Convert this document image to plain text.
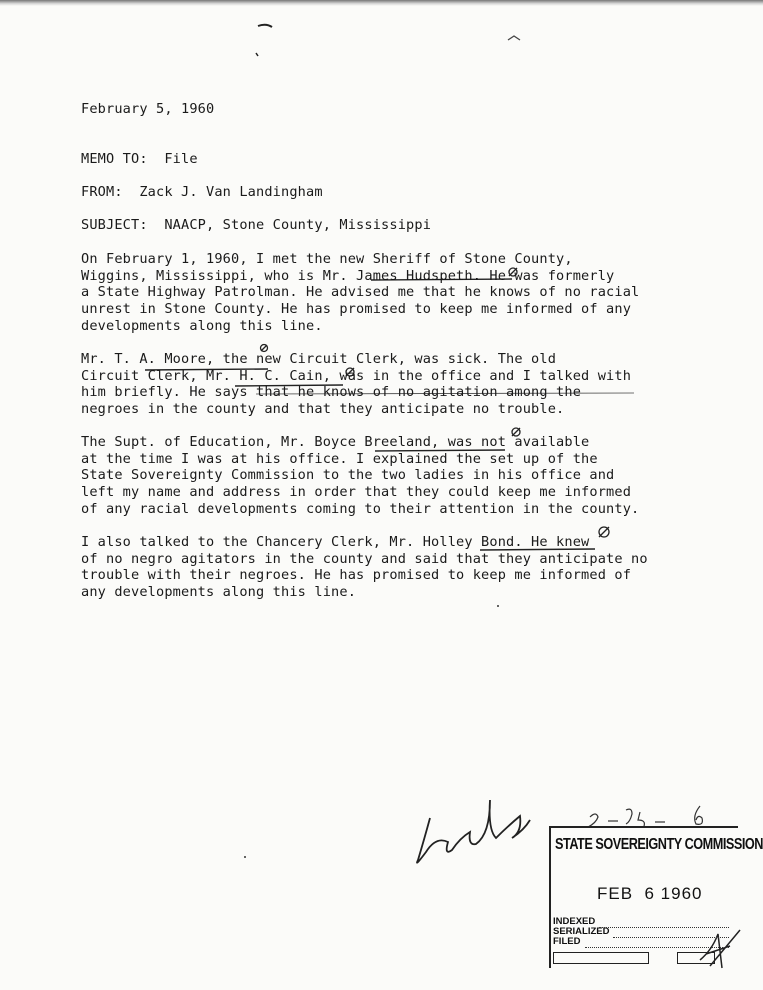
February 5, 1960
MEMO TO:  File
FROM:  Zack J. Van Landingham
SUBJECT:  NAACP, Stone County, Mississippi
On February 1, 1960, I met the new Sheriff of Stone County,
Wiggins, Mississippi, who is Mr. James Hudspeth. He was formerly
a State Highway Patrolman. He advised me that he knows of no racial
unrest in Stone County. He has promised to keep me informed of any
developments along this line.
Mr. T. A. Moore, the new Circuit Clerk, was sick. The old
Circuit Clerk, Mr. H. C. Cain, was in the office and I talked with
him briefly. He says that he knows of no agitation among the
negroes in the county and that they anticipate no trouble.
The Supt. of Education, Mr. Boyce Breeland, was not available
at the time I was at his office. I explained the set up of the
State Sovereignty Commission to the two ladies in his office and
left my name and address in order that they could keep me informed
of any racial developments coming to their attention in the county.
I also talked to the Chancery Clerk, Mr. Holley Bond. He knew
of no negro agitators in the county and said that they anticipate no
trouble with their negroes. He has promised to keep me informed of
any developments along this line.
STATE SOVEREIGNTY COMMISSION
FEB  6 1960
INDEXED
SERIALIZED
FILED
